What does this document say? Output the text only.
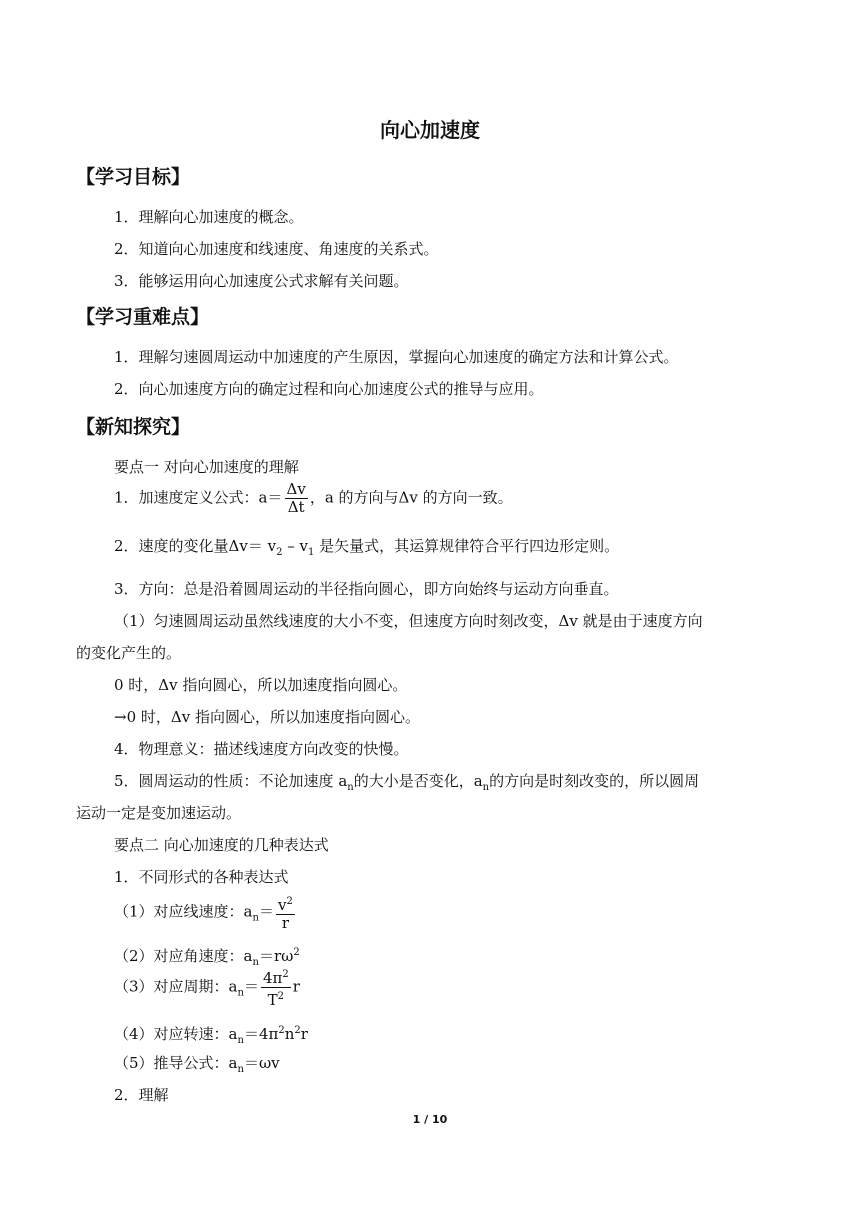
向心加速度
【学习目标】
1．理解向心加速度的概念。
2．知道向心加速度和线速度、角速度的关系式。
3．能够运用向心加速度公式求解有关问题。
【学习重难点】
1．理解匀速圆周运动中加速度的产生原因，掌握向心加速度的确定方法和计算公式。
2．向心加速度方向的确定过程和向心加速度公式的推导与应用。
【新知探究】
要点一 对向心加速度的理解
1．加速度定义公式：$a= \frac{\Delta v}{\Delta t}$ ，a 的方向与Δv 的方向一致。
2．速度的变化量$\Delta v= v_2 - v_1$ 是矢量式，其运算规律符合平行四边形定则。
3．方向：总是沿着圆周运动的半径指向圆心，即方向始终与运动方向垂直。
（1）匀速圆周运动虽然线速度的大小不变，但速度方向时刻改变，Δv 就是由于速度方向
的变化产生的。
0 时，Δv 指向圆心，所以加速度指向圆心。
→0 时，Δv 指向圆心，所以加速度指向圆心。
4．物理意义：描述线速度方向改变的快慢。
5．圆周运动的性质：不论加速度 $a_n$的大小是否变化，$a_n$的方向是时刻改变的，所以圆周
运动一定是变加速运动。
要点二 向心加速度的几种表达式
1．不同形式的各种表达式
（1）对应线速度：$a_n= \frac{v^2}{r}$
（2）对应角速度：$a_n=r\omega^2$
（3）对应周期：$a_n= \frac{4\pi^2}{T^2}$ r
（4）对应转速：$a_n=4\pi^2n^2r$
（5）推导公式：$a_n=\omega v$
2．理解
1 / 10
